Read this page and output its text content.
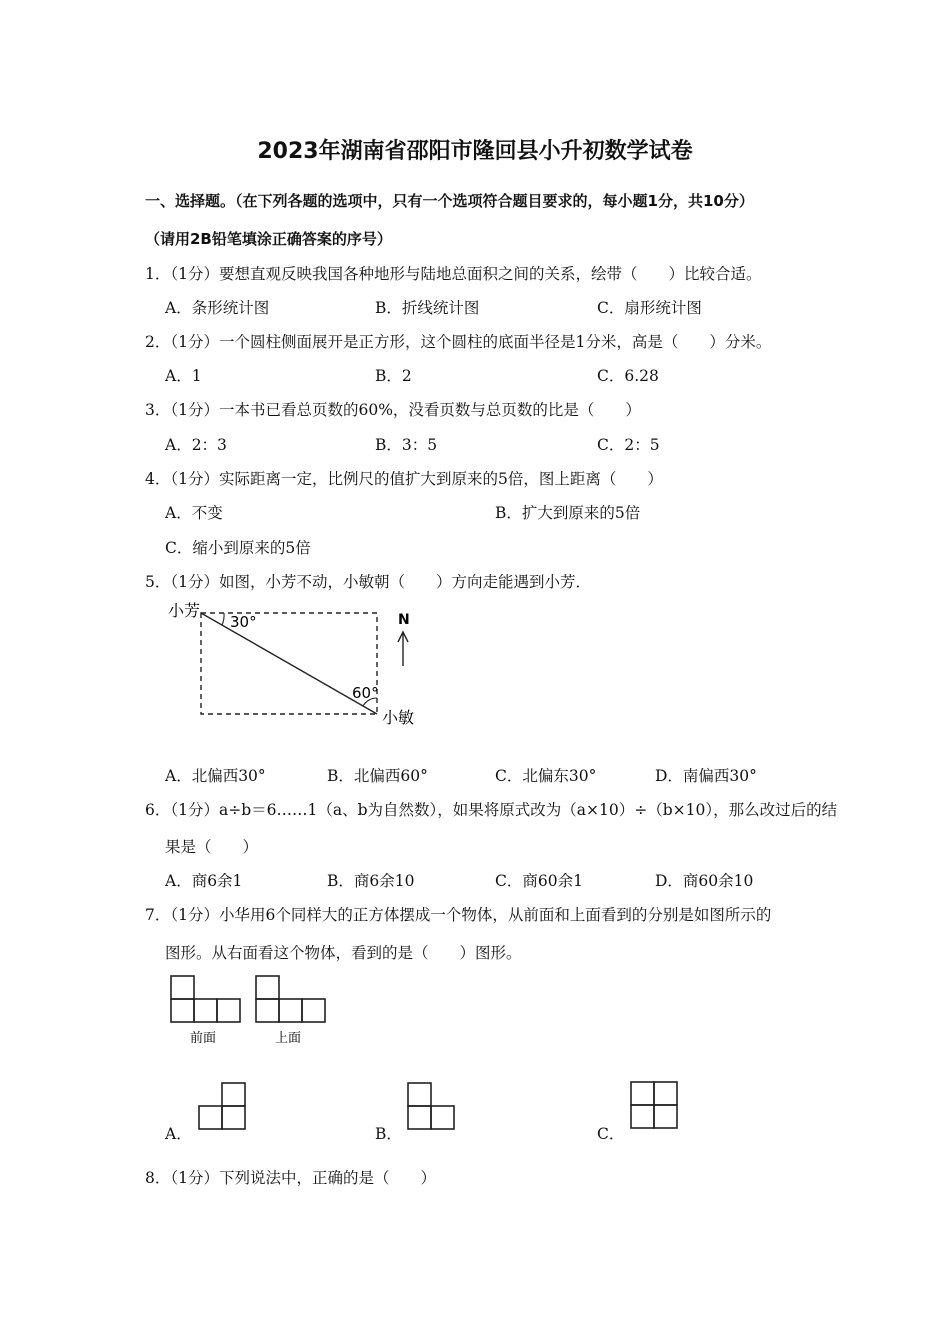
2023年湖南省邵阳市隆回县小升初数学试卷
一、选择题。（在下列各题的选项中，只有一个选项符合题目要求的，每小题1分，共10分）
（请用2B铅笔填涂正确答案的序号）
1．（1分）要想直观反映我国各种地形与陆地总面积之间的关系，绘带（　　）比较合适。
A．条形统计图	B．折线统计图	C．扇形统计图
2．（1分）一个圆柱侧面展开是正方形，这个圆柱的底面半径是1分米，高是（　　）分米。
A．1	B．2	C．6.28
3．（1分）一本书已看总页数的60%，没看页数与总页数的比是（　　）
A．2：3	B．3：5	C．2：5
4．（1分）实际距离一定，比例尺的值扩大到原来的5倍，图上距离（　　）
A．不变	B．扩大到原来的5倍
C．缩小到原来的5倍
5．（1分）如图，小芳不动，小敏朝（　　）方向走能遇到小芳．
小芳
30°
60°
小敏
N
A．北偏西30°	B．北偏西60°	C．北偏东30°	D．南偏西30°
6．（1分）a÷b＝6……1（a、b为自然数），如果将原式改为（a×10）÷（b×10），那么改过后的结
果是（　　）
A．商6余1	B．商6余10	C．商60余1	D．商60余10
7．（1分）小华用6个同样大的正方体摆成一个物体，从前面和上面看到的分别是如图所示的
图形。从右面看这个物体，看到的是（　　）图形。
前面	上面
A．	B．	C．
8．（1分）下列说法中，正确的是（　　）
